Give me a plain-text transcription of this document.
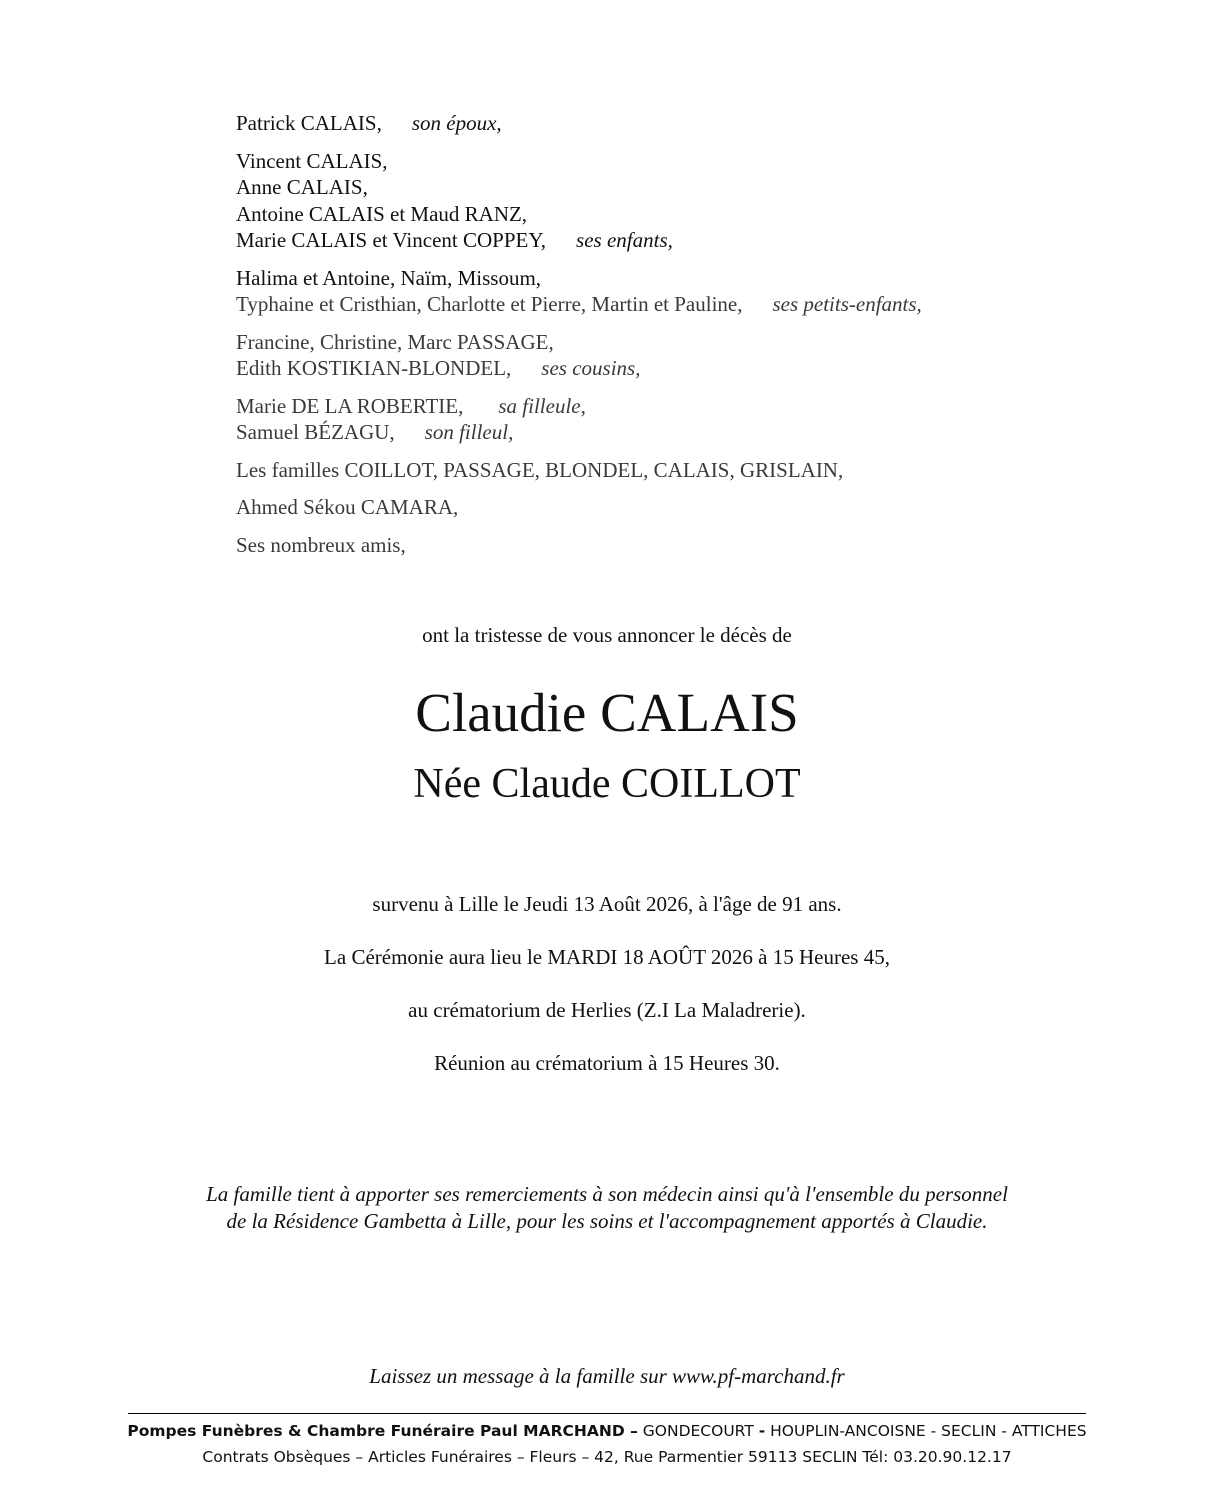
Patrick CALAIS, son époux,
Vincent CALAIS,
Anne CALAIS,
Antoine CALAIS et Maud RANZ,
Marie CALAIS et Vincent COPPEY, ses enfants,
Halima et Antoine, Naïm, Missoum,
Typhaine et Cristhian, Charlotte et Pierre, Martin et Pauline, ses petits-enfants,
Francine, Christine, Marc PASSAGE,
Edith KOSTIKIAN-BLONDEL, ses cousins,
Marie DE LA ROBERTIE, sa filleule,
Samuel BÉZAGU, son filleul,
Les familles COILLOT, PASSAGE, BLONDEL, CALAIS, GRISLAIN,
Ahmed Sékou CAMARA,
Ses nombreux amis,
ont la tristesse de vous annoncer le décès de
Claudie CALAIS
Née Claude COILLOT
survenu à Lille le Jeudi 13 Août 2026, à l'âge de 91 ans.
La Cérémonie aura lieu le MARDI 18 AOÛT 2026 à 15 Heures 45,
au crématorium de Herlies (Z.I La Maladrerie).
Réunion au crématorium à 15 Heures 30.
La famille tient à apporter ses remerciements à son médecin ainsi qu'à l'ensemble du personnel
de la Résidence Gambetta à Lille, pour les soins et l'accompagnement apportés à Claudie.
Laissez un message à la famille sur www.pf-marchand.fr
Pompes Funèbres & Chambre Funéraire Paul MARCHAND – GONDECOURT - HOUPLIN-ANCOISNE - SECLIN - ATTICHES
Contrats Obsèques – Articles Funéraires – Fleurs – 42, Rue Parmentier 59113 SECLIN Tél: 03.20.90.12.17
